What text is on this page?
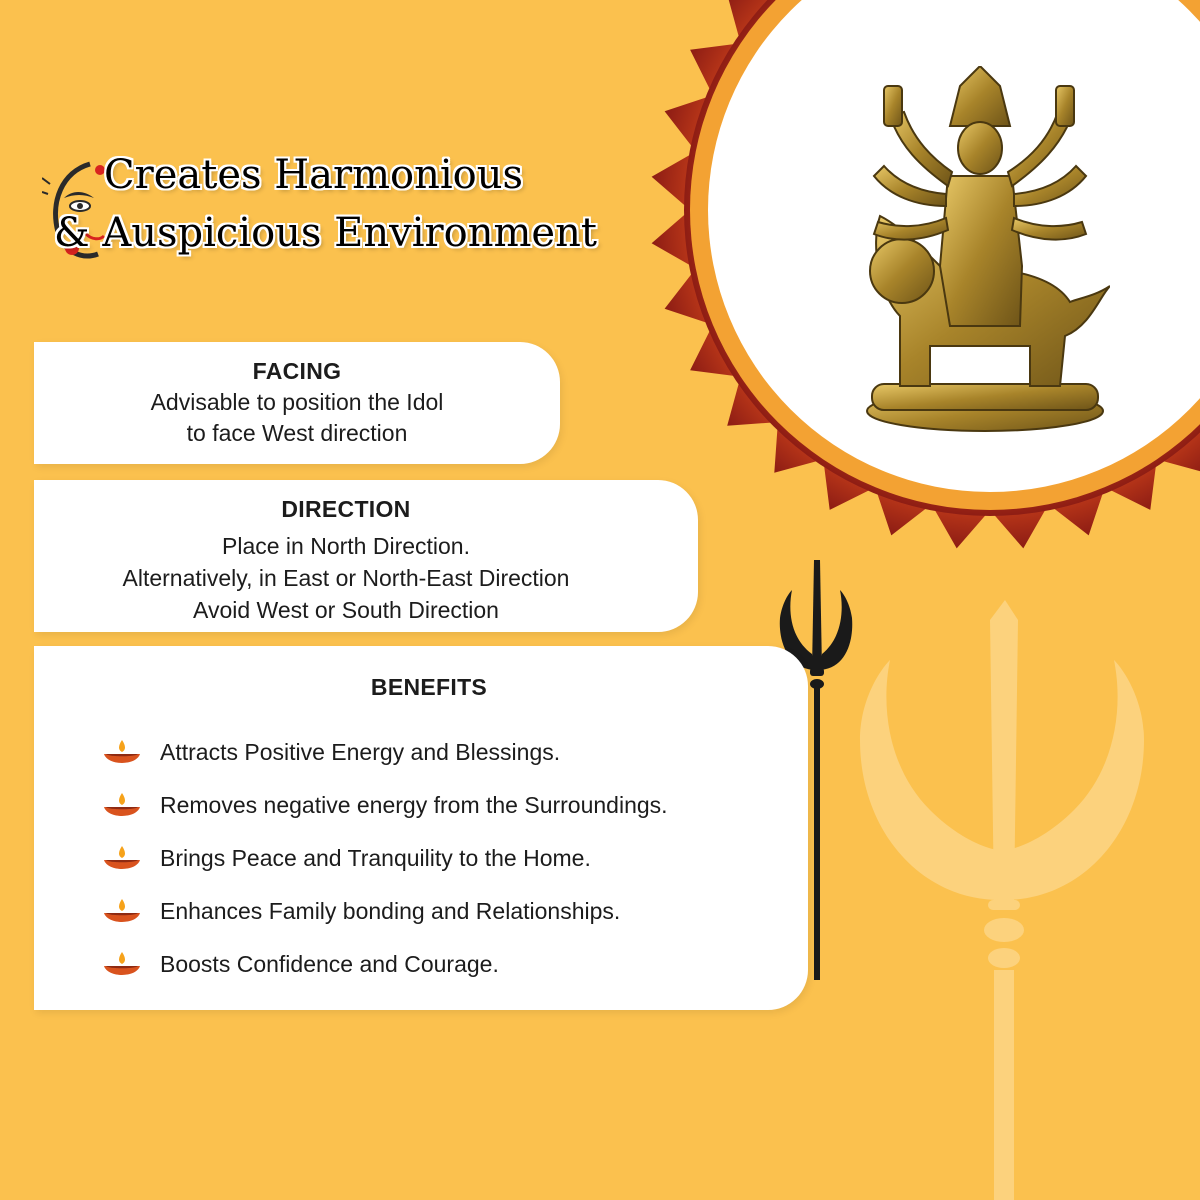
Creates Harmonious
& Auspicious Environment
FACING
Advisable to position the Idol to face West direction
DIRECTION
Place in North Direction.
Alternatively, in East or North-East Direction
Avoid West or South Direction
BENEFITS
Attracts Positive Energy and Blessings.
Removes negative energy from the Surroundings.
Brings Peace and Tranquility to the Home.
Enhances Family bonding and Relationships.
Boosts Confidence and Courage.
